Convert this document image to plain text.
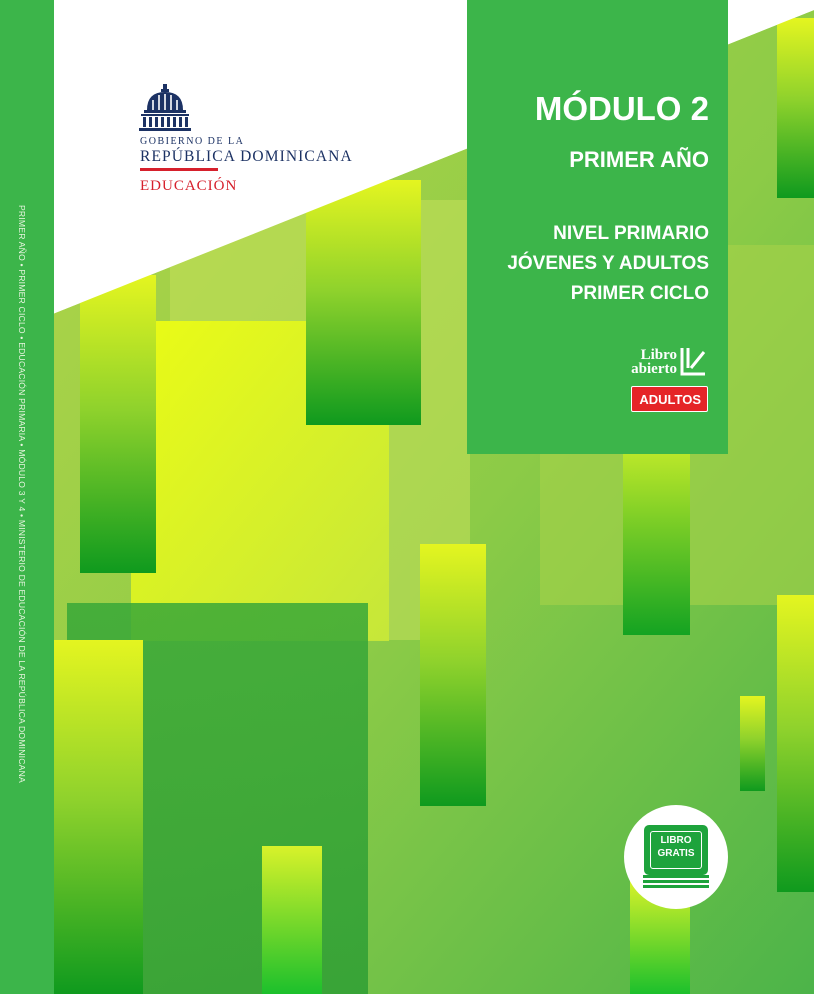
PRIMER AÑO • PRIMER CICLO • EDUCACIÓN PRIMARIA • MÓDULO 3 Y 4 • MINISTERIO DE EDUCACIÓN DE LA REPÚBLICA DOMINICANA
GOBIERNO DE LA
REPÚBLICA DOMINICANA
EDUCACIÓN
MÓDULO 2
PRIMER AÑO
NIVEL PRIMARIO
JÓVENES Y ADULTOS
PRIMER CICLO
Libro
abierto
ADULTOS
LIBRO
GRATIS
